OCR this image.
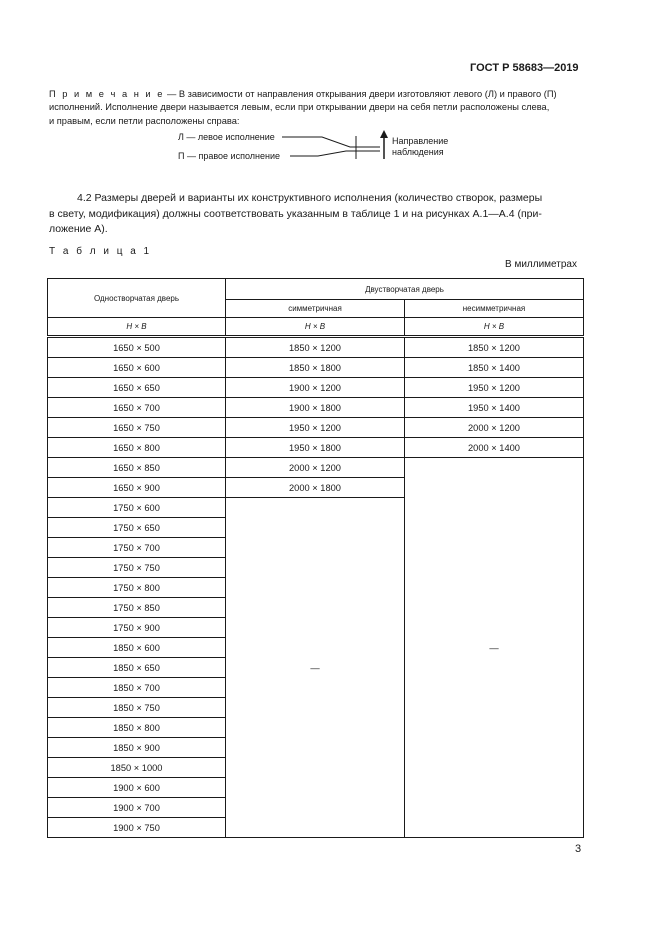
ГОСТ Р 58683—2019

П р и м е ч а н и е — В зависимости от направления открывания двери изготовляют левого (Л) и правого (П)

исполнений. Исполнение двери называется левым, если при открывании двери на себя петли расположены слева,

и правым, если петли расположены справа:

Л — левое исполнение
П — правое исполнение
Направление
наблюдения

4.2 Размеры дверей и варианты их конструктивного исполнения (количество створок, размеры

в свету, модификация) должны соответствовать указанным в таблице 1 и на рисунках А.1—А.4 (при-
ложение А).
Т а б л и ц а 1
В миллиметрах
Одностворчатая дверь	Двустворчатая дверь	
	симметричная	несимметричная
H × B	H × B	H × B
1650 × 500	1850 × 1200	1850 × 1200
1650 × 600	1850 × 1800	1850 × 1400
1650 × 650	1900 × 1200	1950 × 1200
1650 × 700	1900 × 1800	1950 × 1400
1650 × 750	1950 × 1200	2000 × 1200
1650 × 800	1950 × 1800	2000 × 1400
1650 × 850	2000 × 1200	—
1650 × 900	2000 × 1800	
1750 × 600	—	
1750 × 650		
1750 × 700		
1750 × 750		
1750 × 800		
1750 × 850		
1750 × 900		
1850 × 600		
1850 × 650		
1850 × 700		
1850 × 750		
1850 × 800		
1850 × 900		
1850 × 1000		
1900 × 600		
1900 × 700		
1900 × 750		
3
